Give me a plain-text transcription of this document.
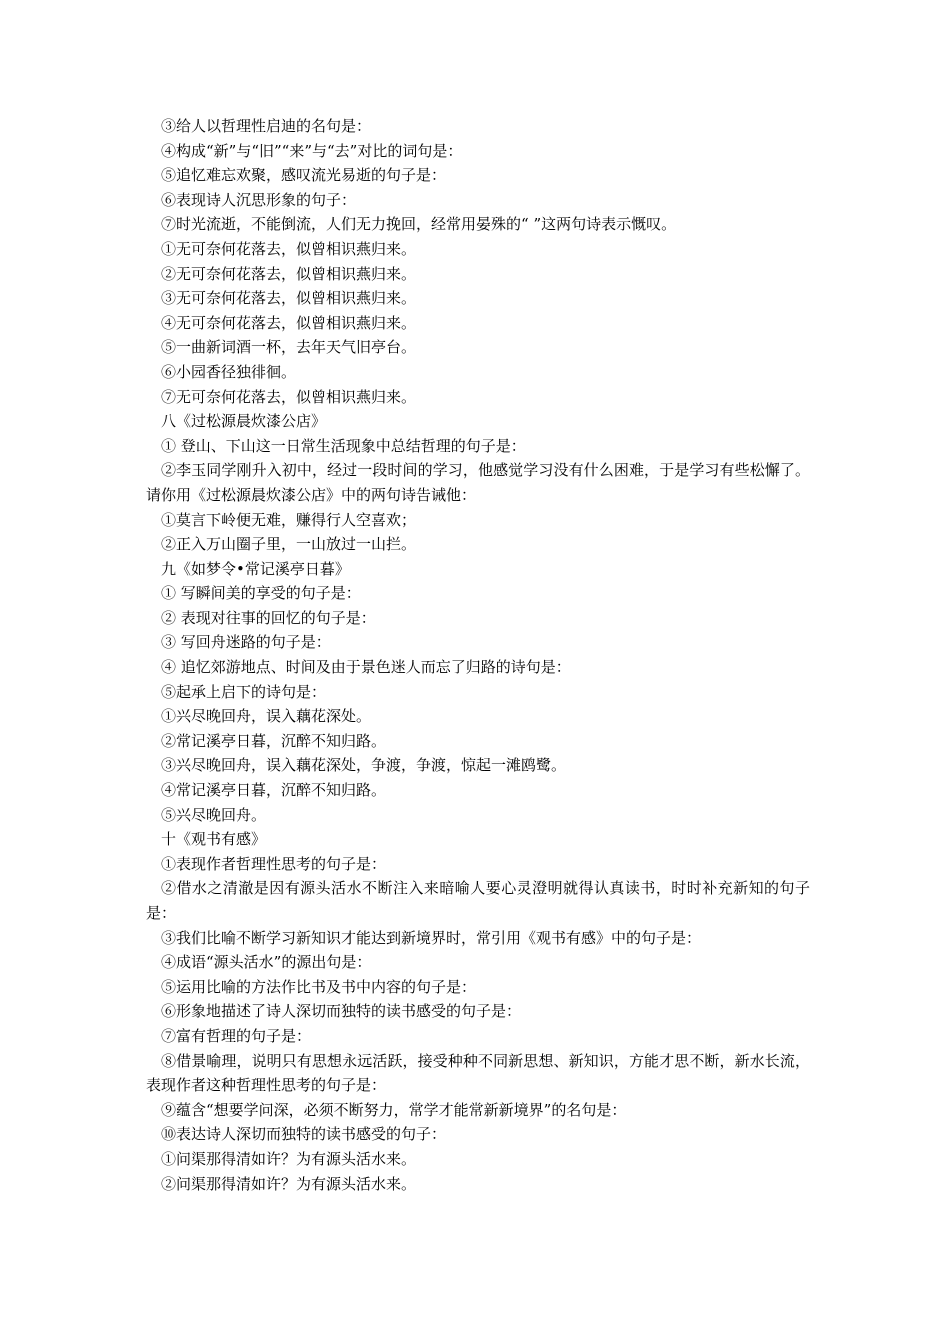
③给人以哲理性启迪的名句是：
④构成“新”与“旧”“来”与“去”对比的词句是：
⑤追忆难忘欢聚，感叹流光易逝的句子是：
⑥表现诗人沉思形象的句子：
⑦时光流逝，不能倒流，人们无力挽回，经常用晏殊的“ ”这两句诗表示慨叹。
①无可奈何花落去，似曾相识燕归来。
②无可奈何花落去，似曾相识燕归来。
③无可奈何花落去，似曾相识燕归来。
④无可奈何花落去，似曾相识燕归来。
⑤一曲新词酒一杯，去年天气旧亭台。
⑥小园香径独徘徊。
⑦无可奈何花落去，似曾相识燕归来。
八《过松源晨炊漆公店》
① 登山、下山这一日常生活现象中总结哲理的句子是：
②李玉同学刚升入初中，经过一段时间的学习，他感觉学习没有什么困难，于是学习有些松懈了。请你用《过松源晨炊漆公店》中的两句诗告诫他：
①莫言下岭便无难，赚得行人空喜欢；
②正入万山圈子里，一山放过一山拦。
九《如梦令•常记溪亭日暮》
① 写瞬间美的享受的句子是：
② 表现对往事的回忆的句子是：
③ 写回舟迷路的句子是：
④ 追忆郊游地点、时间及由于景色迷人而忘了归路的诗句是：
⑤起承上启下的诗句是：
①兴尽晚回舟，误入藕花深处。
②常记溪亭日暮，沉醉不知归路。
③兴尽晚回舟，误入藕花深处，争渡，争渡，惊起一滩鸥鹭。
④常记溪亭日暮，沉醉不知归路。
⑤兴尽晚回舟。
十《观书有感》
①表现作者哲理性思考的句子是：
②借水之清澈是因有源头活水不断注入来暗喻人要心灵澄明就得认真读书，时时补充新知的句子是：
③我们比喻不断学习新知识才能达到新境界时，常引用《观书有感》中的句子是：
④成语“源头活水”的源出句是：
⑤运用比喻的方法作比书及书中内容的句子是：
⑥形象地描述了诗人深切而独特的读书感受的句子是：
⑦富有哲理的句子是：
⑧借景喻理，说明只有思想永远活跃，接受种种不同新思想、新知识，方能才思不断，新水长流，表现作者这种哲理性思考的句子是：
⑨蕴含“想要学问深，必须不断努力，常学才能常新新境界”的名句是：
⑩表达诗人深切而独特的读书感受的句子：
①问渠那得清如许？为有源头活水来。
②问渠那得清如许？为有源头活水来。
